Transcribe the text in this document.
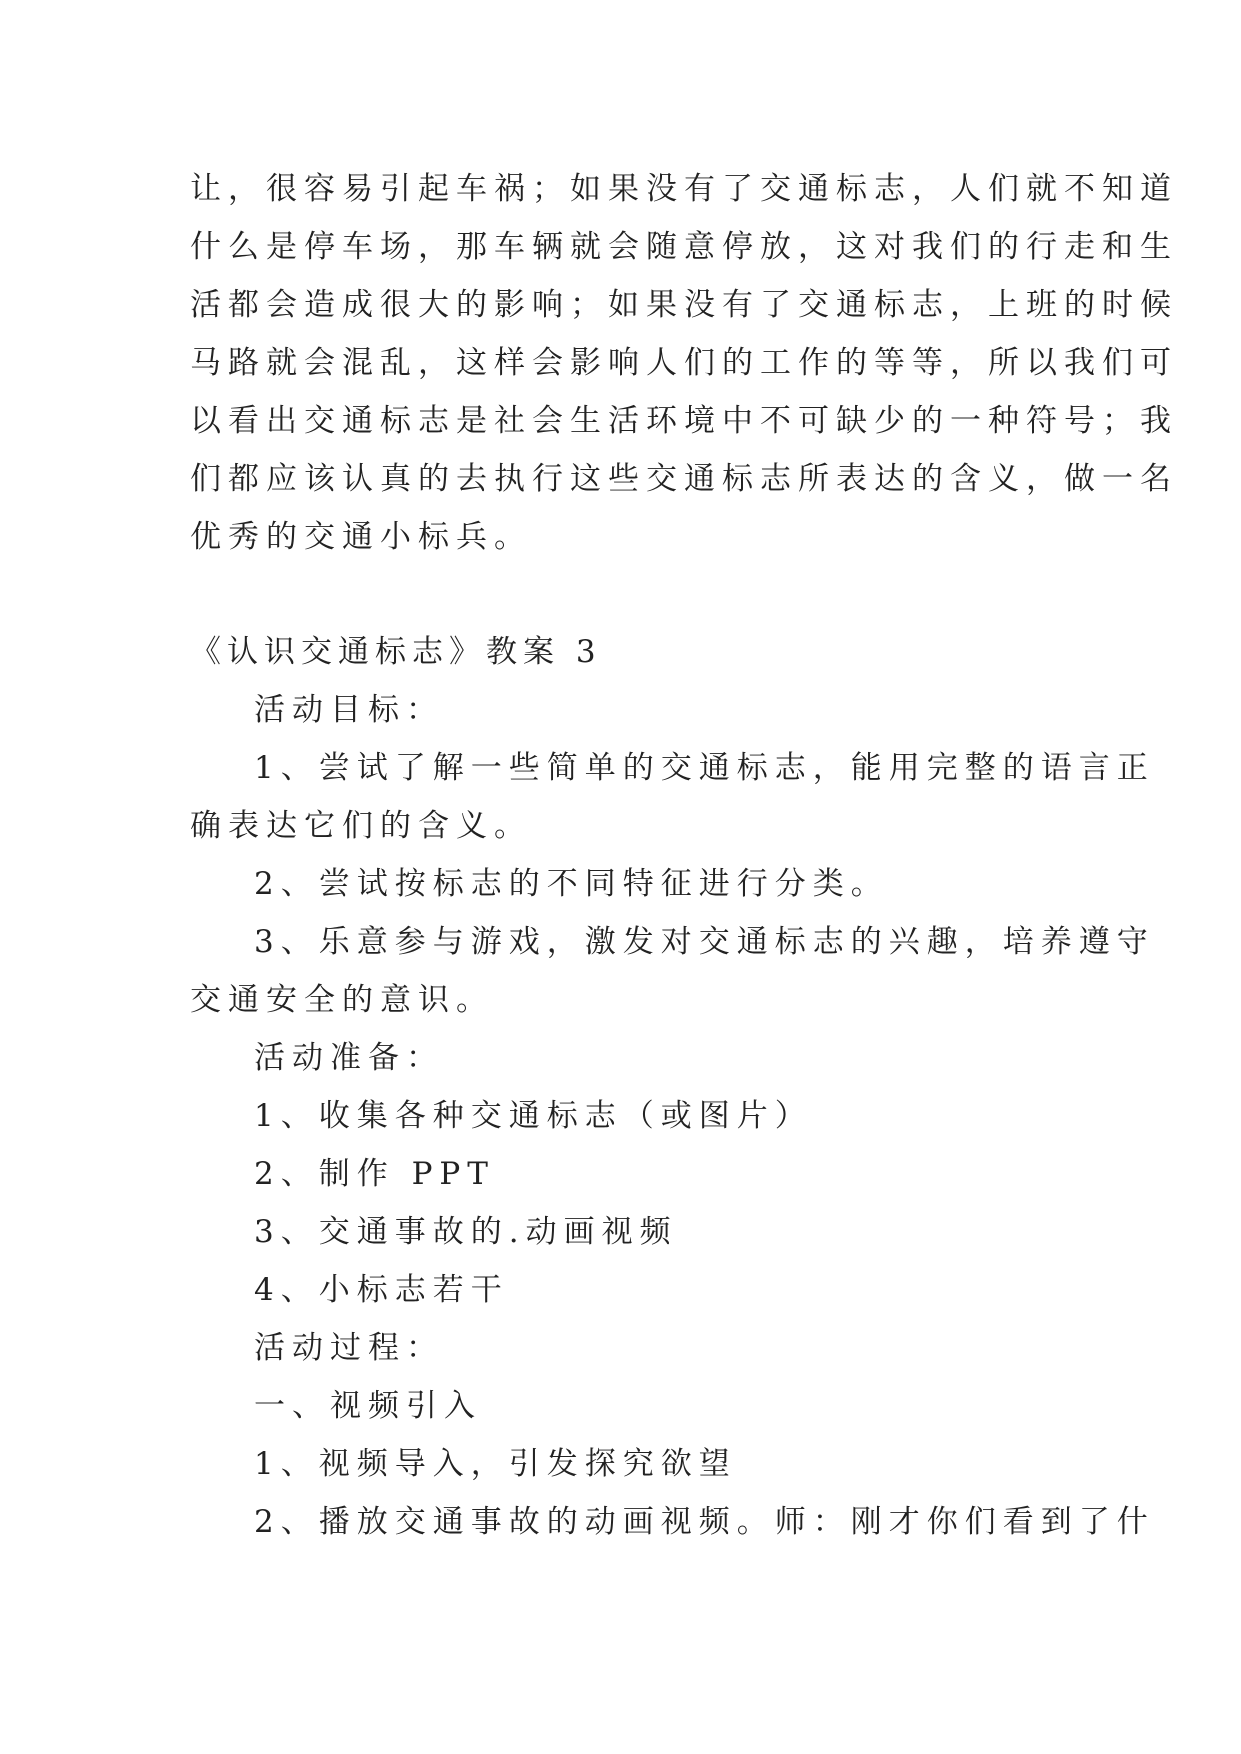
让，很容易引起车祸；如果没有了交通标志，人们就不知道
什么是停车场，那车辆就会随意停放，这对我们的行走和生
活都会造成很大的影响；如果没有了交通标志，上班的时候
马路就会混乱，这样会影响人们的工作的等等，所以我们可
以看出交通标志是社会生活环境中不可缺少的一种符号；我
们都应该认真的去执行这些交通标志所表达的含义，做一名
优秀的交通小标兵。
《认识交通标志》教案 3
活动目标：
1、尝试了解一些简单的交通标志，能用完整的语言正
确表达它们的含义。
2、尝试按标志的不同特征进行分类。
3、乐意参与游戏，激发对交通标志的兴趣，培养遵守
交通安全的意识。
活动准备：
1、收集各种交通标志（或图片）
2、制作 PPT
3、交通事故的.动画视频
4、小标志若干
活动过程：
一、视频引入
1、视频导入，引发探究欲望
2、播放交通事故的动画视频。师：刚才你们看到了什
